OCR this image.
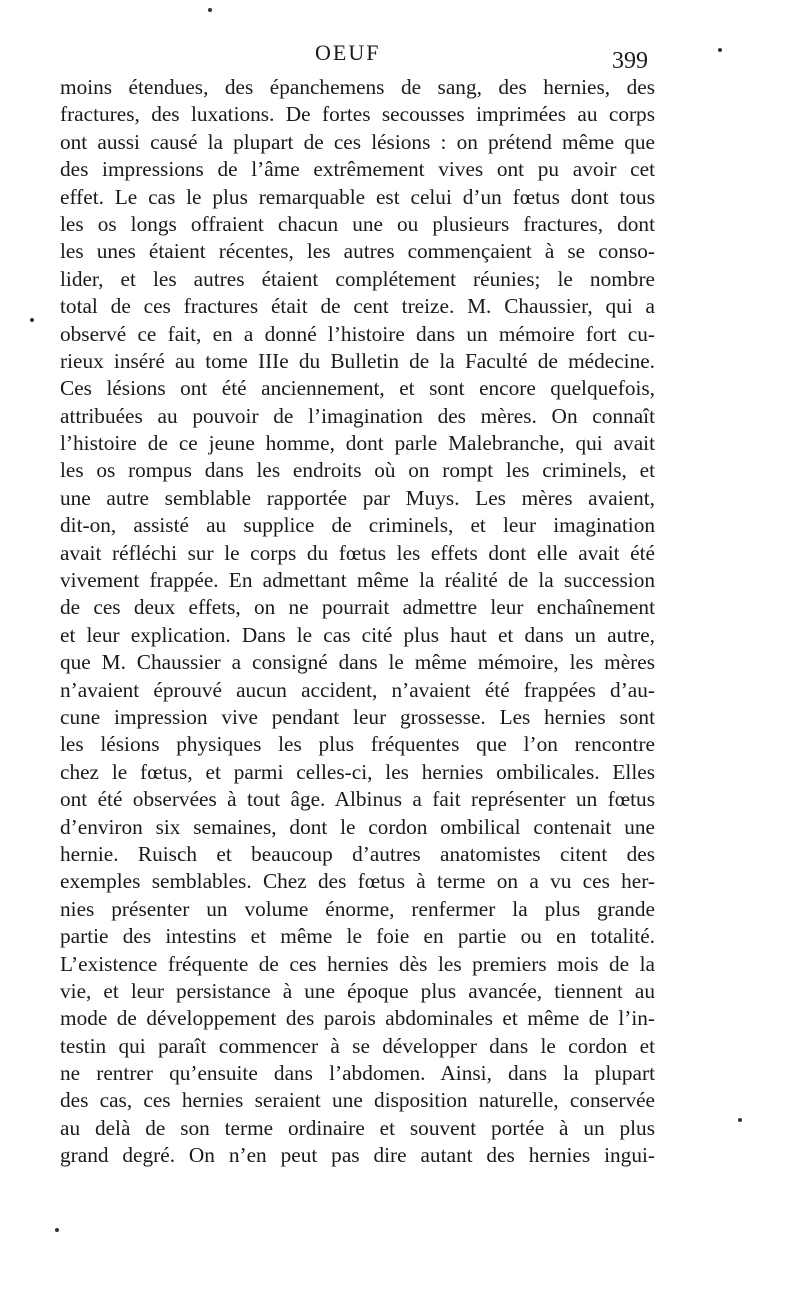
OEUF	399
moins étendues, des épanchemens de sang, des hernies, des
fractures, des luxations. De fortes secousses imprimées au corps
ont aussi causé la plupart de ces lésions : on prétend même que
des impressions de l’âme extrêmement vives ont pu avoir cet
effet. Le cas le plus remarquable est celui d’un fœtus dont tous
les os longs offraient chacun une ou plusieurs fractures, dont
les unes étaient récentes, les autres commençaient à se conso-
lider, et les autres étaient complétement réunies; le nombre
total de ces fractures était de cent treize. M. Chaussier, qui a
observé ce fait, en a donné l’histoire dans un mémoire fort cu-
rieux inséré au tome IIIe du Bulletin de la Faculté de médecine.
Ces lésions ont été anciennement, et sont encore quelquefois,
attribuées au pouvoir de l’imagination des mères. On connaît
l’histoire de ce jeune homme, dont parle Malebranche, qui avait
les os rompus dans les endroits où on rompt les criminels, et
une autre semblable rapportée par Muys. Les mères avaient,
dit-on, assisté au supplice de criminels, et leur imagination
avait réfléchi sur le corps du fœtus les effets dont elle avait été
vivement frappée. En admettant même la réalité de la succession
de ces deux effets, on ne pourrait admettre leur enchaînement
et leur explication. Dans le cas cité plus haut et dans un autre,
que M. Chaussier a consigné dans le même mémoire, les mères
n’avaient éprouvé aucun accident, n’avaient été frappées d’au-
cune impression vive pendant leur grossesse. Les hernies sont
les lésions physiques les plus fréquentes que l’on rencontre
chez le fœtus, et parmi celles-ci, les hernies ombilicales. Elles
ont été observées à tout âge. Albinus a fait représenter un fœtus
d’environ six semaines, dont le cordon ombilical contenait une
hernie. Ruisch et beaucoup d’autres anatomistes citent des
exemples semblables. Chez des fœtus à terme on a vu ces her-
nies présenter un volume énorme, renfermer la plus grande
partie des intestins et même le foie en partie ou en totalité.
L’existence fréquente de ces hernies dès les premiers mois de la
vie, et leur persistance à une époque plus avancée, tiennent au
mode de développement des parois abdominales et même de l’in-
testin qui paraît commencer à se développer dans le cordon et
ne rentrer qu’ensuite dans l’abdomen. Ainsi, dans la plupart
des cas, ces hernies seraient une disposition naturelle, conservée
au delà de son terme ordinaire et souvent portée à un plus
grand degré. On n’en peut pas dire autant des hernies ingui-
